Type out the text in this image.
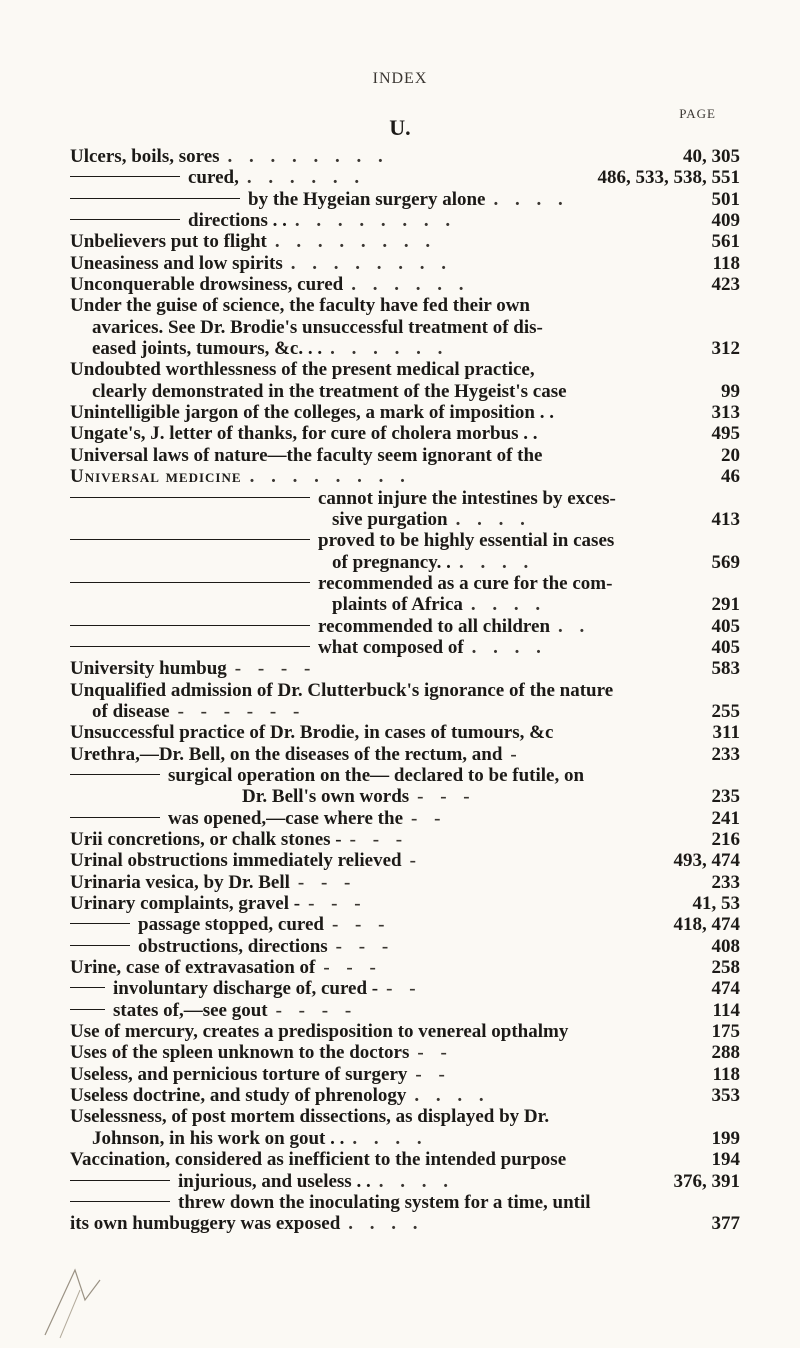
INDEX
PAGE
U.
Ulcers, boils, sores . . . . . . . .	40, 305
cured, . . . . . .	486, 533, 538, 551
by the Hygeian surgery alone . . . .	501
directions . . . . . . . . . .	409
Unbelievers put to flight . . . . . . . .	561
Uneasiness and low spirits . . . . . . . .	118
Unconquerable drowsiness, cured . . . . . .	423
Under the guise of science, the faculty have fed their own
avarices. See Dr. Brodie's unsuccessful treatment of dis-
eased joints, tumours, &c. . . . . . . . .	312
Undoubted worthlessness of the present medical practice,
clearly demonstrated in the treatment of the Hygeist's case	99
Unintelligible jargon of the colleges, a mark of imposition . .	313
Ungate's, J. letter of thanks, for cure of cholera morbus . .	495
Universal laws of nature—the faculty seem ignorant of the	20
Universal medicine . . . . . . . .	46
cannot injure the intestines by exces-
sive purgation . . . .	413
proved to be highly essential in cases
of pregnancy. . . . . .	569
recommended as a cure for the com-
plaints of Africa . . . .	291
recommended to all children . .	405
what composed of . . . .	405
University humbug - - - -	583
Unqualified admission of Dr. Clutterbuck's ignorance of the nature
of disease - - - - - -	255
Unsuccessful practice of Dr. Brodie, in cases of tumours, &c	311
Urethra,—Dr. Bell, on the diseases of the rectum, and -	233
surgical operation on the— declared to be futile, on
Dr. Bell's own words - - -	235
was opened,—case where the - -	241
Urii concretions, or chalk stones - - - -	216
Urinal obstructions immediately relieved -	493, 474
Urinaria vesica, by Dr. Bell - - -	233
Urinary complaints, gravel - - - -	41, 53
passage stopped, cured - - -	418, 474
obstructions, directions - - -	408
Urine, case of extravasation of - - -	258
involuntary discharge of, cured - - -	474
states of,—see gout - - - -	114
Use of mercury, creates a predisposition to venereal opthalmy	175
Uses of the spleen unknown to the doctors - -	288
Useless, and pernicious torture of surgery - -	118
Useless doctrine, and study of phrenology . . . .	353
Uselessness, of post mortem dissections, as displayed by Dr.
Johnson, in his work on gout . . . . . .	199
Vaccination, considered as inefficient to the intended purpose	194
injurious, and useless . . . . . .	376, 391
threw down the inoculating system for a time, until
its own humbuggery was exposed . . . .	377
